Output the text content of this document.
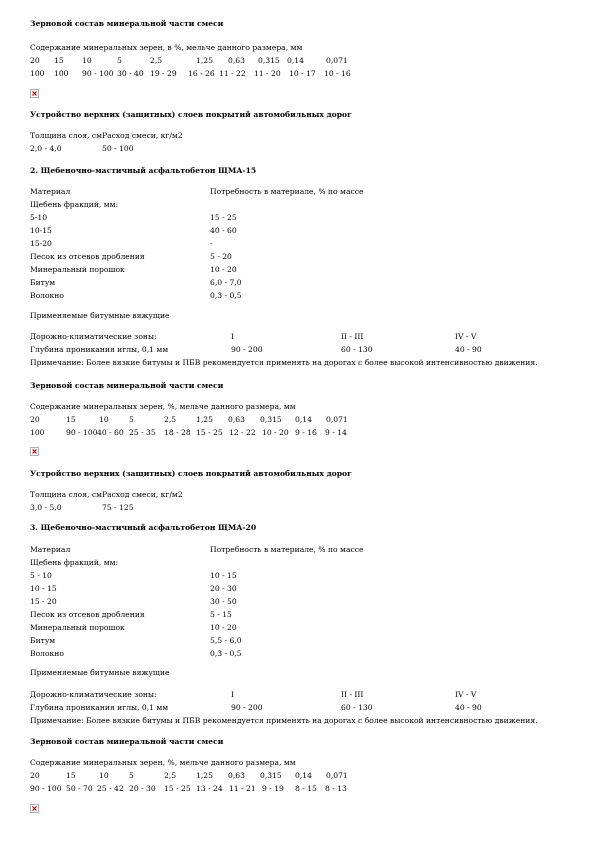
Зерновой состав минеральной части смеси
Содержание минеральных зерен, в %, мельче данного размера, мм
20 15 10	5	2,5	1,25 0,63 0,315 0,14	0,071
100 100 90 - 100 30 - 40 19 - 29 16 - 26 11 - 22 11 - 20 10 - 17 10 - 16
Устройство верхних (защитных) слоев покрытий автомобильных дорог
Толщина слоя, см Расход смеси, кг/м2
2,0 - 4,0	50 - 100
2. Щебеночно-мастичный асфальтобетон ЩМА-15
Материал	Потребность в материале, % по массе
Щебень фракций, мм:
5-10	15 - 25
10-15	40 - 60
15-20	-
Песок из отсевов дробления	5 - 20
Минеральный порошок	10 - 20
Битум	6,0 - 7,0
Волокно	0,3 - 0,5
Применяемые битумные вяжущие
Дорожно-климатические зоны:	I	II - III	IV - V
Глубина проникания иглы, 0,1 мм	90 - 200	60 - 130	40 - 90
Примечание: Более вязкие битумы и ПБВ рекомендуется применять на дорогах с более высокой интенсивностью движения.
Зерновой состав минеральной части смеси
Содержание минеральных зерен, %, мельче данного размера, мм
20	15	10	5	2,5	1,25 0,63 0,315 0,14 0,071
100	90 - 100 40 - 60 25 - 35 18 - 28 15 - 25 12 - 22 10 - 20 9 - 16 9 - 14
Устройство верхних (защитных) слоев покрытий автомобильных дорог
Толщина слоя, см Расход смеси, кг/м2
3,0 - 5,0	75 - 125
3. Щебеночно-мастичный асфальтобетон ЩМА-20
Материал	Потребность в материале, % по массе
Щебень фракций, мм:
5 - 10	10 - 15
10 - 15	20 - 30
15 - 20	30 - 50
Песок из отсевов дробления	5 - 15
Минеральный порошок	10 - 20
Битум	5,5 - 6,0
Волокно	0,3 - 0,5
Применяемые битумные вяжущие
Дорожно-климатические зоны:	I	II - III	IV - V
Глубина проникания иглы, 0,1 мм	90 - 200	60 - 130	40 - 90
Примечание: Более вязкие битумы и ПБВ рекомендуется применять на дорогах с более высокой интенсивностью движения.
Зерновой состав минеральной части смеси
Содержание минеральных зерен, %, мельче данного размера, мм
20	15	10	5	2,5	1,25 0,63 0,315 0,14 0,071
90 - 100 50 - 70 25 - 42 20 - 30 15 - 25 13 - 24 11 - 21 9 - 19 8 - 15 8 - 13
